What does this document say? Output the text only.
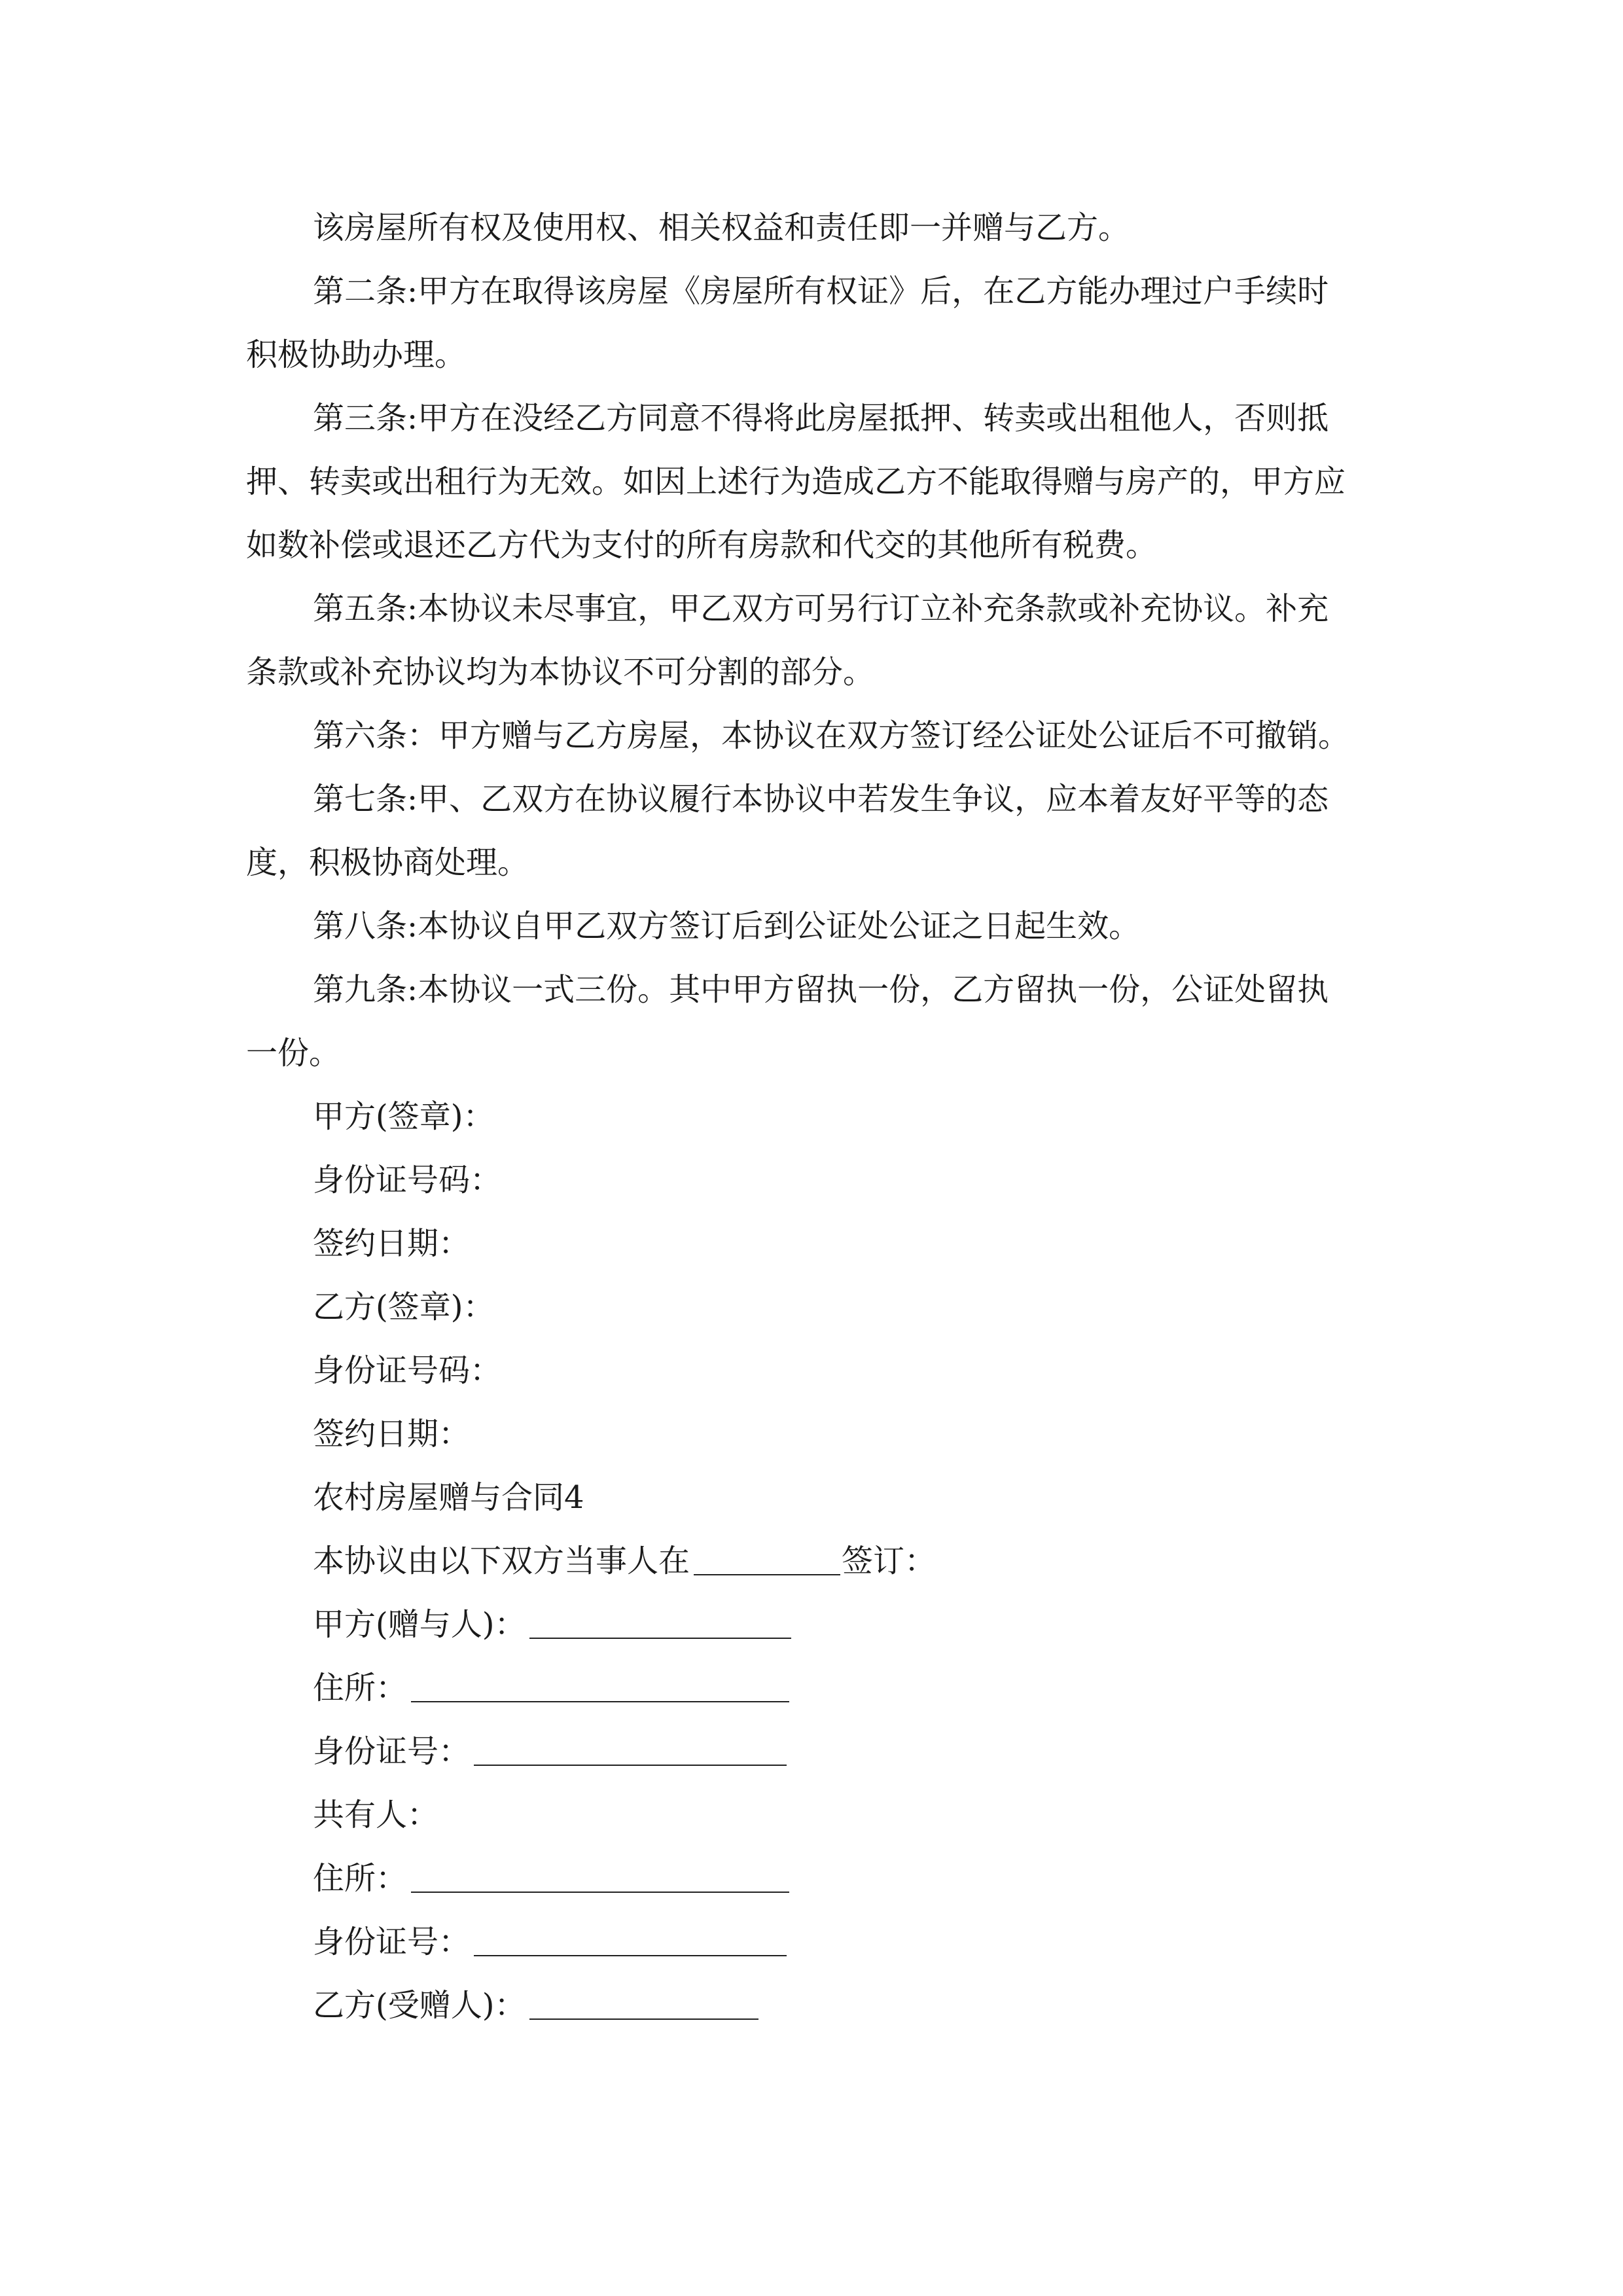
该房屋所有权及使用权、相关权益和责任即一并赠与乙方。
第二条:甲方在取得该房屋《房屋所有权证》后，在乙方能办理过户手续时
积极协助办理。
第三条:甲方在没经乙方同意不得将此房屋抵押、转卖或出租他人，否则抵
押、转卖或出租行为无效。如因上述行为造成乙方不能取得赠与房产的，甲方应
如数补偿或退还乙方代为支付的所有房款和代交的其他所有税费。
第五条:本协议未尽事宜，甲乙双方可另行订立补充条款或补充协议。补充
条款或补充协议均为本协议不可分割的部分。
第六条：甲方赠与乙方房屋，本协议在双方签订经公证处公证后不可撤销。
第七条:甲、乙双方在协议履行本协议中若发生争议，应本着友好平等的态
度，积极协商处理。
第八条:本协议自甲乙双方签订后到公证处公证之日起生效。
第九条:本协议一式三份。其中甲方留执一份，乙方留执一份，公证处留执
一份。
甲方(签章)：
身份证号码：
签约日期：
乙方(签章)：
身份证号码：
签约日期：
农村房屋赠与合同4
本协议由以下双方当事人在	签订：
甲方(赠与人)：
住所：
身份证号：
共有人：
住所：
身份证号：
乙方(受赠人)：
